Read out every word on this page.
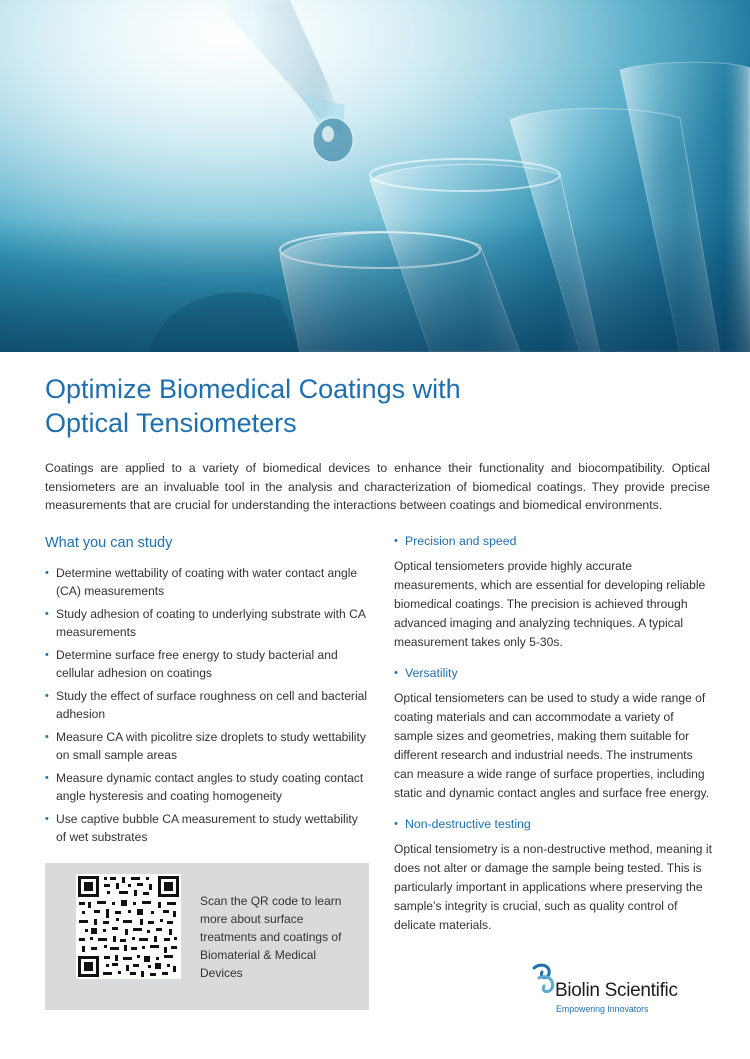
Optimize Biomedical Coatings with
Optical Tensiometers

Coatings are applied to a variety of biomedical devices to enhance their functionality and biocompatibility. Optical tensiometers are an invaluable tool in the analysis and characterization of biomedical coatings. They provide precise measurements that are crucial for understanding the interactions between coatings and biomedical environments.

What you can study
• Determine wettability of coating with water contact angle (CA) measurements
• Study adhesion of coating to underlying substrate with CA measurements
• Determine surface free energy to study bacterial and cellular adhesion on coatings
• Study the effect of surface roughness on cell and bacterial adhesion
• Measure CA with picolitre size droplets to study wettability on small sample areas
• Measure dynamic contact angles to study coating contact angle hysteresis and coating homogeneity
• Use captive bubble CA measurement to study wettability of wet substrates
• Precision and speed

Optical tensiometers provide highly accurate measurements, which are essential for developing reliable biomedical coatings. The precision is achieved through advanced imaging and analyzing techniques. A typical measurement takes only 5-30s.

• Versatility

Optical tensiometers can be used to study a wide range of coating materials and can accommodate a variety of sample sizes and geometries, making them suitable for different research and industrial needs. The instruments can measure a wide range of surface properties, including static and dynamic contact angles and surface free energy.

• Non-destructive testing

Optical tensiometry is a non-destructive method, meaning it does not alter or damage the sample being tested. This is particularly important in applications where preserving the sample’s integrity is crucial, such as quality control of delicate materials.

Scan the QR code to learn more about surface treatments and coatings of Biomaterial & Medical Devices
Biolin Scientific
Empowering Innovators
